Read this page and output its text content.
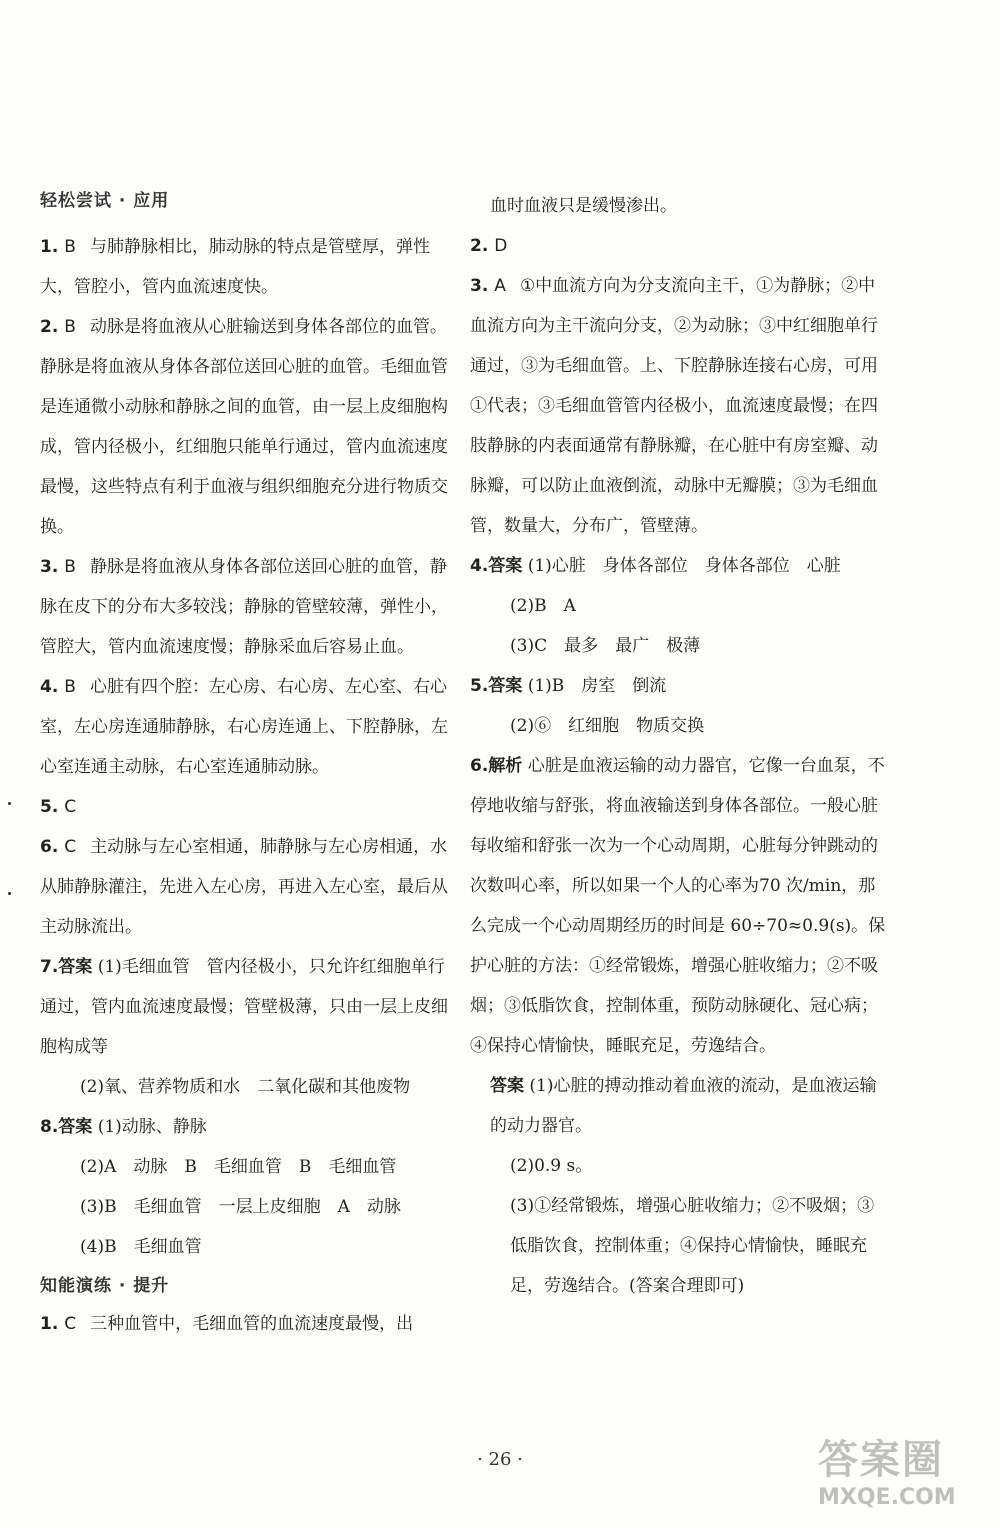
轻松尝试 · 应用
1. B 与肺静脉相比，肺动脉的特点是管壁厚，弹性大，管腔小，管内血流速度快。
2. B 动脉是将血液从心脏输送到身体各部位的血管。静脉是将血液从身体各部位送回心脏的血管。毛细血管是连通微小动脉和静脉之间的血管，由一层上皮细胞构成，管内径极小，红细胞只能单行通过，管内血流速度最慢，这些特点有利于血液与组织细胞充分进行物质交换。
3. B 静脉是将血液从身体各部位送回心脏的血管，静脉在皮下的分布大多较浅；静脉的管壁较薄，弹性小，管腔大，管内血流速度慢；静脉采血后容易止血。
4. B 心脏有四个腔：左心房、右心房、左心室、右心室，左心房连通肺静脉，右心房连通上、下腔静脉，左心室连通主动脉，右心室连通肺动脉。
5. C
6. C 主动脉与左心室相通，肺静脉与左心房相通，水从肺静脉灌注，先进入左心房，再进入左心室，最后从主动脉流出。
7.答案 (1)毛细血管　管内径极小，只允许红细胞单行通过，管内血流速度最慢；管壁极薄，只由一层上皮细胞构成等
(2)氧、营养物质和水　二氧化碳和其他废物
8.答案 (1)动脉、静脉
(2)A　动脉　B　毛细血管　B　毛细血管
(3)B　毛细血管　一层上皮细胞　A　动脉
(4)B　毛细血管
知能演练 · 提升
1. C 三种血管中，毛细血管的血流速度最慢，出
血时血液只是缓慢渗出。
2. D
3. A ①中血流方向为分支流向主干，①为静脉；②中血流方向为主干流向分支，②为动脉；③中红细胞单行通过，③为毛细血管。上、下腔静脉连接右心房，可用①代表；③毛细血管管内径极小，血流速度最慢；在四肢静脉的内表面通常有静脉瓣，在心脏中有房室瓣、动脉瓣，可以防止血液倒流，动脉中无瓣膜；③为毛细血管，数量大，分布广，管壁薄。
4.答案 (1)心脏　身体各部位　身体各部位　心脏
(2)B　A
(3)C　最多　最广　极薄
5.答案 (1)B　房室　倒流
(2)⑥　红细胞　物质交换
6.解析 心脏是血液运输的动力器官，它像一台血泵，不停地收缩与舒张，将血液输送到身体各部位。一般心脏每收缩和舒张一次为一个心动周期，心脏每分钟跳动的次数叫心率，所以如果一个人的心率为70 次/min，那么完成一个心动周期经历的时间是 60÷70≈0.9(s)。保护心脏的方法：①经常锻炼，增强心脏收缩力；②不吸烟；③低脂饮食，控制体重，预防动脉硬化、冠心病；④保持心情愉快，睡眠充足，劳逸结合。
答案 (1)心脏的搏动推动着血液的流动，是血液运输的动力器官。
(2)0.9 s。
(3)①经常锻炼，增强心脏收缩力；②不吸烟；③低脂饮食，控制体重；④保持心情愉快，睡眠充足，劳逸结合。(答案合理即可)
· 26 ·	答案圈
MXQE.COM
